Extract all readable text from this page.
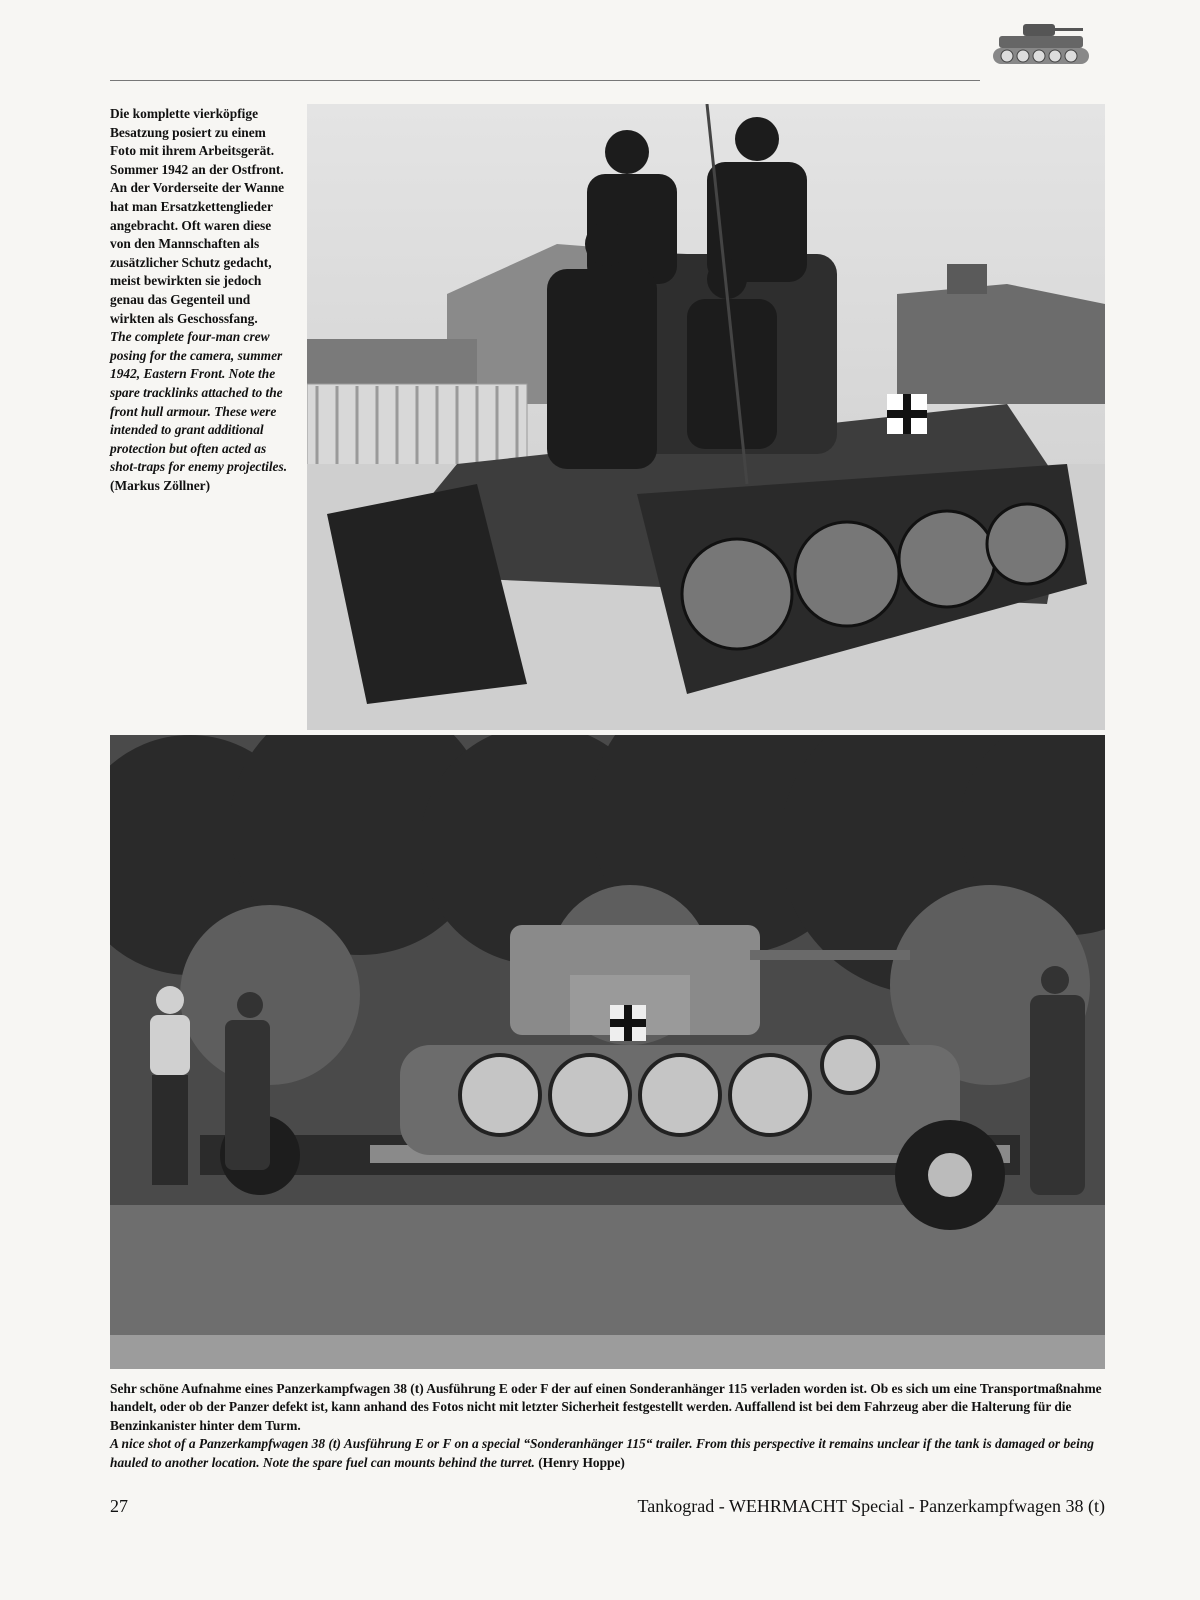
Die komplette vierköpfige Besatzung posiert zu einem Foto mit ihrem Arbeitsgerät. Sommer 1942 an der Ostfront. An der Vorderseite der Wanne hat man Ersatzkettenglieder angebracht. Oft waren diese von den Mannschaften als zusätzlicher Schutz gedacht, meist bewirkten sie jedoch genau das Gegenteil und wirkten als Geschossfang.
The complete four-man crew posing for the camera, summer 1942, Eastern Front. Note the spare tracklinks attached to the front hull armour. These were intended to grant additional protection but often acted as shot-traps for enemy projectiles.
(Markus Zöllner)
Sehr schöne Aufnahme eines Panzerkampfwagen 38 (t) Ausführung E oder F der auf einen Sonderanhänger 115 verladen worden ist. Ob es sich um eine Transportmaßnahme handelt, oder ob der Panzer defekt ist, kann anhand des Fotos nicht mit letzter Sicherheit festgestellt werden. Auffallend ist bei dem Fahrzeug aber die Halterung für die Benzinkanister hinter dem Turm.
A nice shot of a Panzerkampfwagen 38 (t) Ausführung E or F on a special “Sonderanhänger 115“ trailer. From this perspective it remains unclear if the tank is damaged or being hauled to another location. Note the spare fuel can mounts behind the turret. (Henry Hoppe)
27	Tankograd - WEHRMACHT Special - Panzerkampfwagen 38 (t)
